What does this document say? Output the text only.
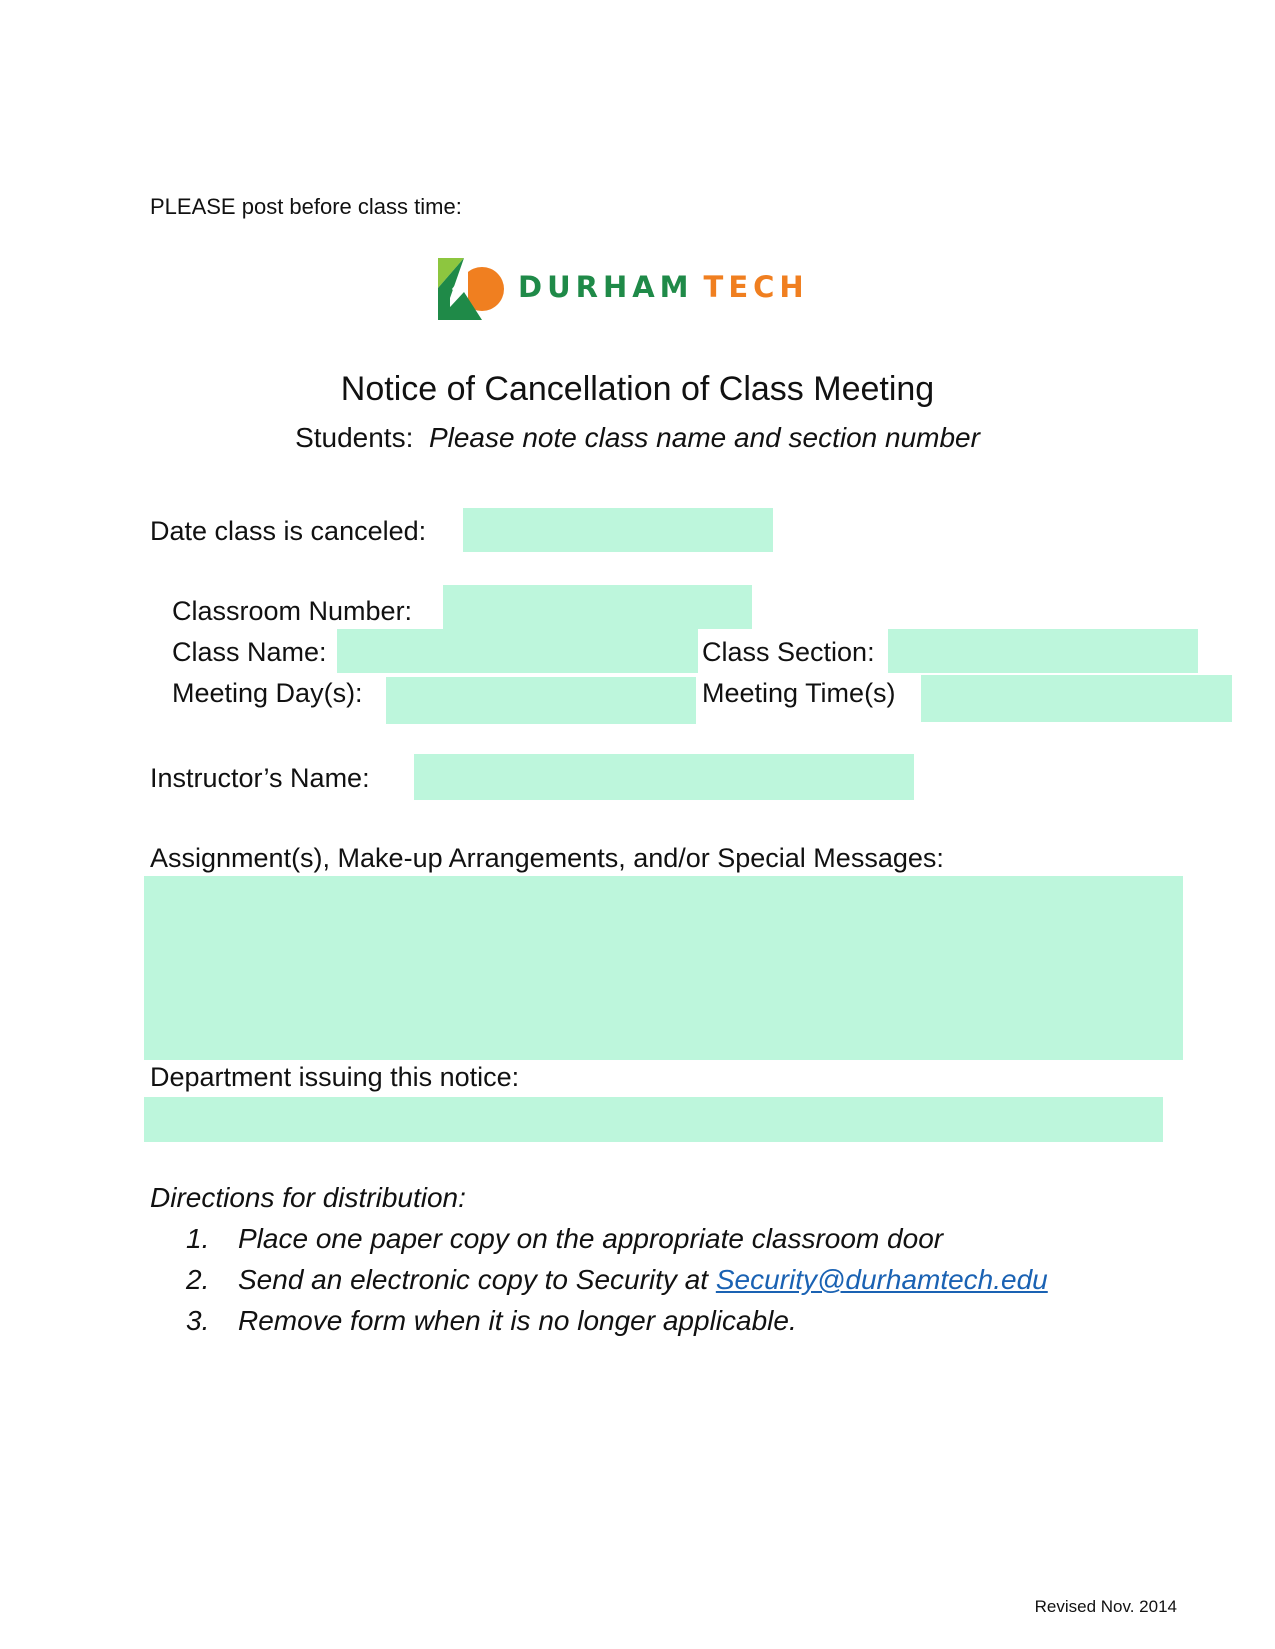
PLEASE post before class time:
DURHAM TECH
Notice of Cancellation of Class Meeting
Students: Please note class name and section number
Date class is canceled:
Classroom Number:
Class Name:	Class Section:
Meeting Day(s):	Meeting Time(s)
Instructor’s Name:
Assignment(s), Make-up Arrangements, and/or Special Messages:
Department issuing this notice:
Directions for distribution:
1. Place one paper copy on the appropriate classroom door
2. Send an electronic copy to Security at Security@durhamtech.edu
3. Remove form when it is no longer applicable.
Revised Nov. 2014
